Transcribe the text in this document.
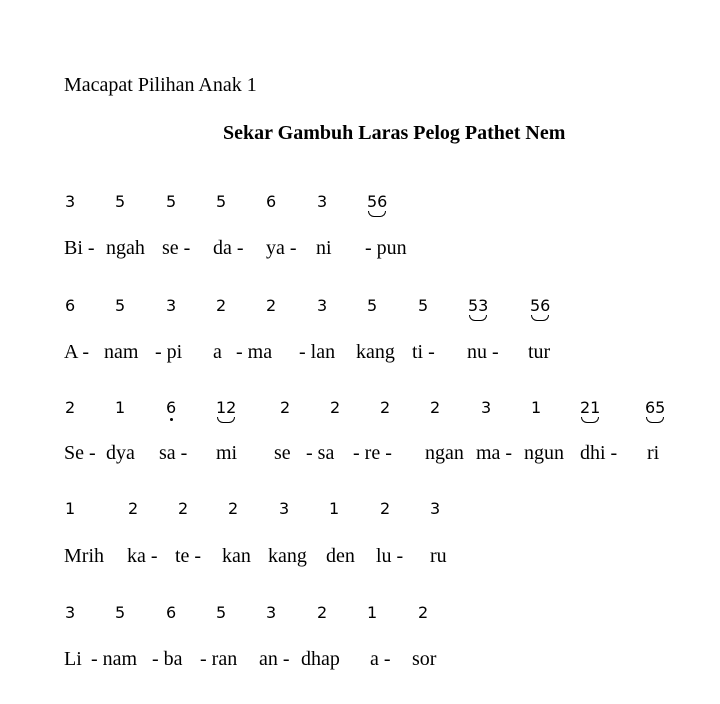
Macapat Pilihan Anak 1
Sekar Gambuh Laras Pelog Pathet Nem
3 5	5 5 6	3 56
Bi - ngah se - da - ya - ni - pun
6 5	3 2 2	3 5	5 53	56
A - nam - pi a - ma - lan kang ti - nu - tur
2 1	6 12	2 2 2 2	3 1 21	65
Se - dya sa - mi se - sa - re - ngan ma - ngun dhi - ri
1	2 2 2	3 1	2 3
Mrih ka - te - kan kang den lu - ru
3 5	6 5 3	2 1	2
Li - nam - ba - ran an - dhap a - sor
